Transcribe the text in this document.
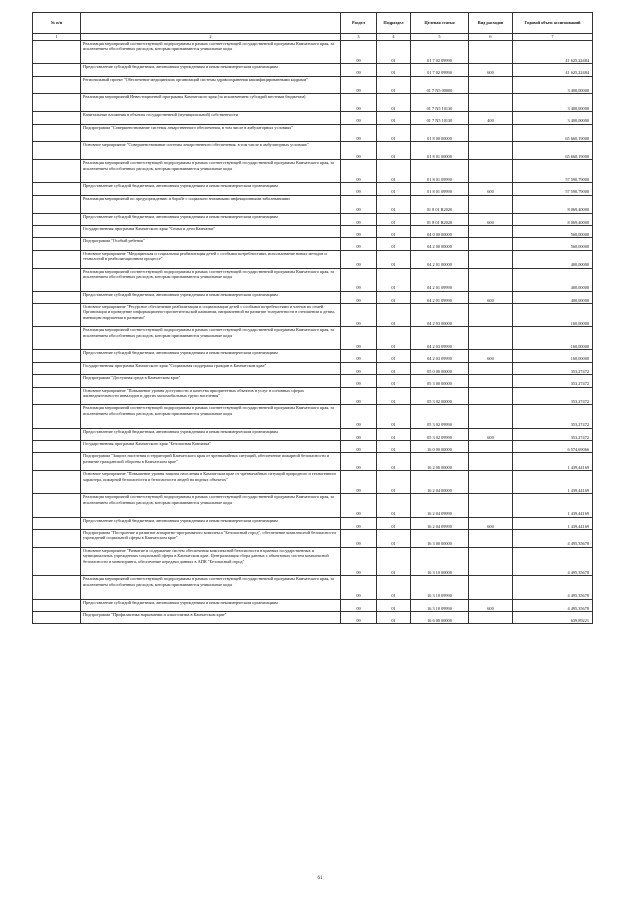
№ п/п		Раздел	Подраздел	Целевая статья	Вид расходов	Годовой объем ассигнований
1	2	3	4	5	6	7
	Реализация мероприятий соответствующей подпрограммы в рамках соответствующей государственной программы Камчатского края, за исключением обособленных расходов, которым присваиваются уникальные коды	09	01	01 7 02 09990		41 625,22484
	Предоставление субсидий бюджетным, автономным учреждениям и иным некоммерческим организациям	09	01	01 7 02 09990	600	41 625,22484
	Региональный проект "Обеспечение медицинских организаций системы здравоохранения квалифицированными кадрами"	09	01	01 7 N5 00000		3 400,00000
	Реализация мероприятий Инвестиционной программы Камчатского края (за исключением субсидий местным бюджетам)	09	01	01 7 N5 10130		3 400,00000
	Капитальные вложения в объекты государственной (муниципальной) собственности	09	01	01 7 N5 10130	400	3 400,00000
	Подпрограмма "Совершенствование системы лекарственного обеспечения, в том числе в амбулаторных условиях"	09	01	01 8 00 00000		65 660,19000
	Основное мероприятие "Совершенствование системы лекарственного обеспечения, в том числе в амбулаторных условиях"	09	01	01 8 01 00000		65 660,19000
	Реализация мероприятий соответствующей подпрограммы в рамках соответствующей государственной программы Камчатского края, за исключением обособленных расходов, которым присваиваются уникальные коды	09	01	01 8 01 09990		57 590,79000
	Предоставление субсидий бюджетным, автономным учреждениям и иным некоммерческим организациям	09	01	01 8 01 09990	600	57 590,79000
	Реализация мероприятий по предупреждению и борьбе с социально значимыми инфекционными заболеваниями	09	01	01 8 01 R2020		8 069,40000
	Предоставление субсидий бюджетным, автономным учреждениям и иным некоммерческим организациям	09	01	01 8 01 R2020	600	8 069,40000
	Государственная программа Камчатского края "Семья и дети Камчатки"	09	01	04 0 00 00000		560,00000
	Подпрограмма "Особый ребенок"	09	01	04 2 00 00000		560,00000
	Основное мероприятие "Медицинская и социальная реабилитация детей с особыми потребностями, использование новых методов и технологий в реабилитационном процессе"	09	01	04 2 01 00000		400,00000
	Реализация мероприятий соответствующей подпрограммы в рамках соответствующей государственной программы Камчатского края, за исключением обособленных расходов, которым присваиваются уникальные коды	09	01	04 2 01 09990		400,00000
	Предоставление субсидий бюджетным, автономным учреждениям и иным некоммерческим организациям	09	01	04 2 01 09990	600	400,00000
	Основное мероприятие "Ресурсное обеспечение реабилитации и социализации детей с особыми потребностями и членов их семей. Организация и проведение информационно-просветительской кампании, направленной на развитие толерантности в отношении к детям, имеющим нарушения в развитии"	09	01	04 2 03 00000		160,00000
	Реализация мероприятий соответствующей подпрограммы в рамках соответствующей государственной программы Камчатского края, за исключением обособленных расходов, которым присваиваются уникальные коды	09	01	04 2 03 09990		160,00000
	Предоставление субсидий бюджетным, автономным учреждениям и иным некоммерческим организациям	09	01	04 2 03 09990	600	160,00000
	Государственная программа Камчатского края "Социальная поддержка граждан в Камчатском крае"	09	01	05 0 00 00000		353,27472
	Подпрограмма "Доступная среда в Камчатском крае"	09	01	05 3 00 00000		353,27472
	Основное мероприятие "Повышение уровня доступности и качества приоритетных объектов и услуг в основных сферах жизнедеятельности инвалидов и других маломобильных групп населения"	09	01	05 3 02 00000		353,27472
	Реализация мероприятий соответствующей подпрограммы в рамках соответствующей государственной программы Камчатского края, за исключением обособленных расходов, которым присваиваются уникальные коды	09	01	05 3 02 09990		353,27472
	Предоставление субсидий бюджетным, автономным учреждениям и иным некоммерческим организациям	09	01	05 3 02 09990	600	353,27472
	Государственная программа Камчатского края "Безопасная Камчатка"	09	01	16 0 00 00000		6 574,69066
	Подпрограмма "Защита населения и территорий Камчатского края от чрезвычайных ситуаций, обеспечение пожарной безопасности и развитие гражданской обороны в Камчатском крае"	09	01	16 2 00 00000		1 439,44169
	Основное мероприятие "Повышение уровня защиты населения в Камчатском крае от чрезвычайных ситуаций природного и техногенного характера, пожарной безопасности и безопасности людей на водных объектах"	09	01	16 2 04 00000		1 439,44169
	Реализация мероприятий соответствующей подпрограммы в рамках соответствующей государственной программы Камчатского края, за исключением обособленных расходов, которым присваиваются уникальные коды	09	01	16 2 04 09990		1 439,44169
	Предоставление субсидий бюджетным, автономным учреждениям и иным некоммерческим организациям	09	01	16 2 04 09990	600	1 439,44169
	Подпрограмма "Построение и развитие аппаратно-программного комплекса "Безопасный город", обеспечение комплексной безопасности учреждений социальной сферы в Камчатском крае"	09	01	16 3 00 00000		4 495,35678
	Основное мероприятие "Развитие и содержание систем обеспечения комплексной безопасности в краевых государственных и муниципальных учреждениях социальной сферы в Камчатском крае. Централизация сбора данных с объектовых систем комплексной безопасности и мониторинга, обеспечение передачи данных в АПК "Безопасный город"	09	01	16 3 10 00000		4 495,35678
	Реализация мероприятий соответствующей подпрограммы в рамках соответствующей государственной программы Камчатского края, за исключением обособленных расходов, которым присваиваются уникальные коды	09	01	16 3 10 09990		4 495,35678
	Предоставление субсидий бюджетным, автономным учреждениям и иным некоммерческим организациям	09	01	16 3 10 09990	600	4 495,35678
	Подпрограмма "Профилактика наркомании и алкоголизма в Камчатском крае"	09	01	16 6 00 00000		639,89221
61
